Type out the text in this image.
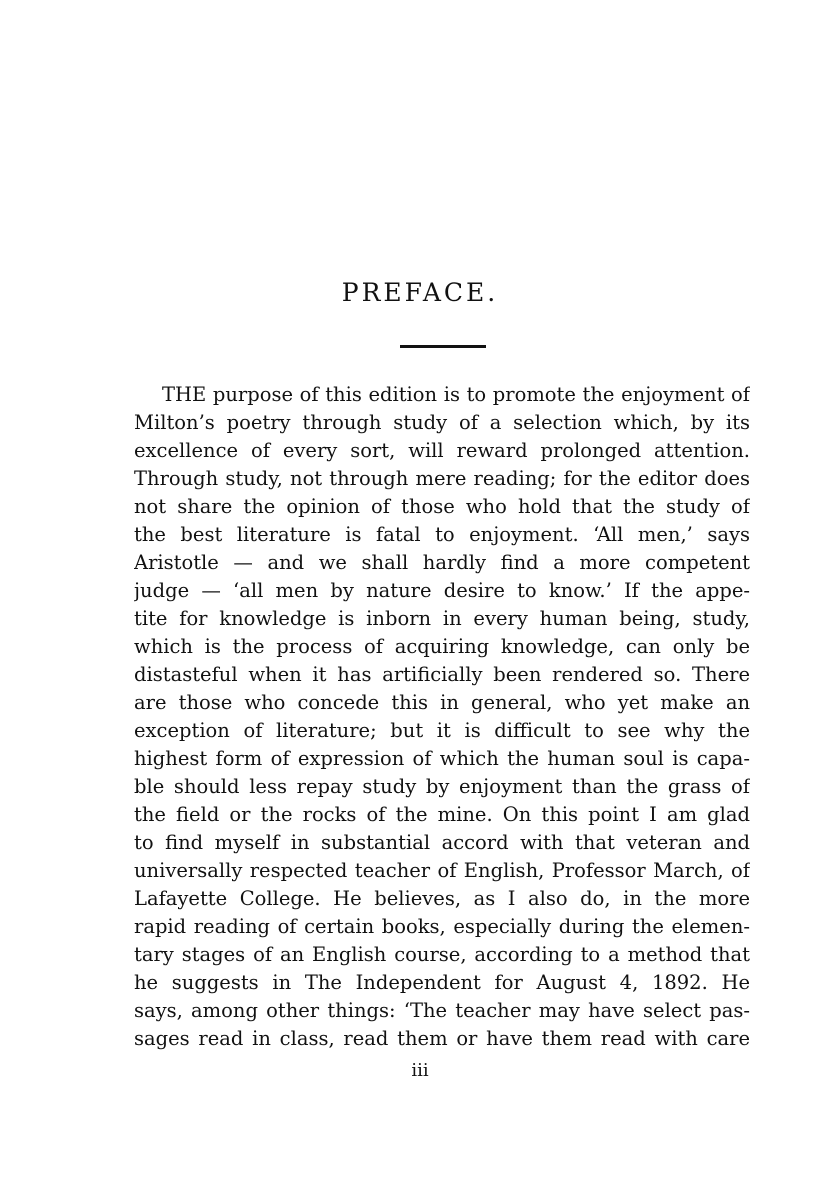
PREFACE.
THE purpose of this edition is to promote the enjoyment of
Milton’s poetry through study of a selection which, by its
excellence of every sort, will reward prolonged attention.
Through study, not through mere reading; for the editor does
not share the opinion of those who hold that the study of
the best literature is fatal to enjoyment. ‘All men,’ says
Aristotle — and we shall hardly find a more competent
judge — ‘all men by nature desire to know.’ If the appe-
tite for knowledge is inborn in every human being, study,
which is the process of acquiring knowledge, can only be
distasteful when it has artificially been rendered so. There
are those who concede this in general, who yet make an
exception of literature; but it is difficult to see why the
highest form of expression of which the human soul is capa-
ble should less repay study by enjoyment than the grass of
the field or the rocks of the mine. On this point I am glad
to find myself in substantial accord with that veteran and
universally respected teacher of English, Professor March, of
Lafayette College. He believes, as I also do, in the more
rapid reading of certain books, especially during the elemen-
tary stages of an English course, according to a method that
he suggests in The Independent for August 4, 1892. He
says, among other things: ‘The teacher may have select pas-
sages read in class, read them or have them read with care
iii
